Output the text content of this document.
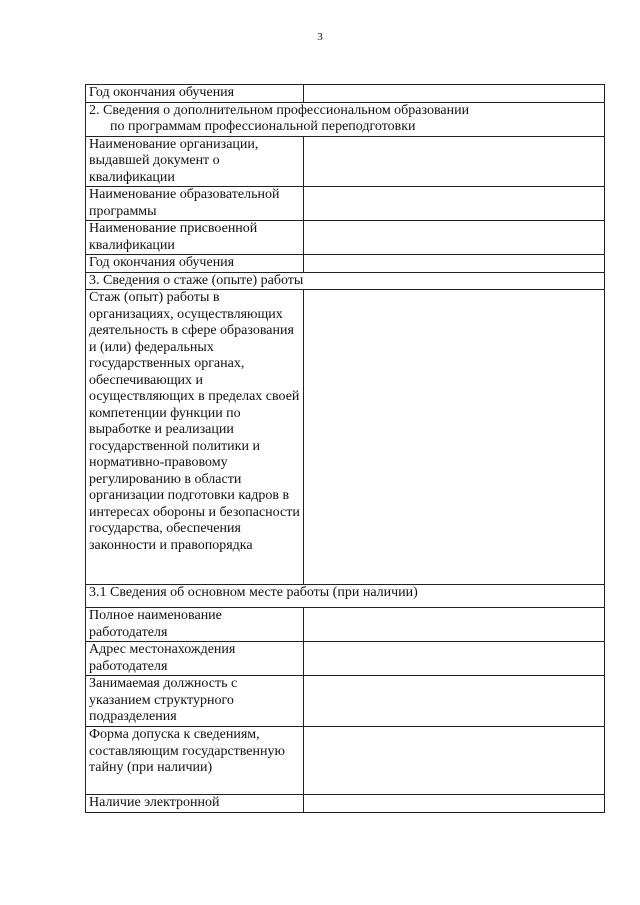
3
Год окончания обучения	

2. Сведения о дополнительном профессиональном образовании
по программам профессиональной переподготовки	

Наименование организации, выдавшей документ о квалификации	
Наименование образовательной программы	
Наименование присвоенной квалификации	
Год окончания обучения	
3. Сведения о стаже (опыте) работы	
Стаж (опыт) работы в организациях, осуществляющих деятельность в сфере образования и (или) федеральных государственных органах, обеспечивающих и осуществляющих в пределах своей компетенции функции по выработке и реализации государственной политики и нормативно-правовому регулированию в области организации подготовки кадров в интересах обороны и безопасности государства, обеспечения законности и правопорядка	
3.1 Сведения об основном месте работы (при наличии)	
Полное наименование работодателя	
Адрес местонахождения работодателя	
Занимаемая должность с указанием структурного подразделения	
Форма допуска к сведениям, составляющим государственную тайну (при наличии)	
Наличие электронной	
